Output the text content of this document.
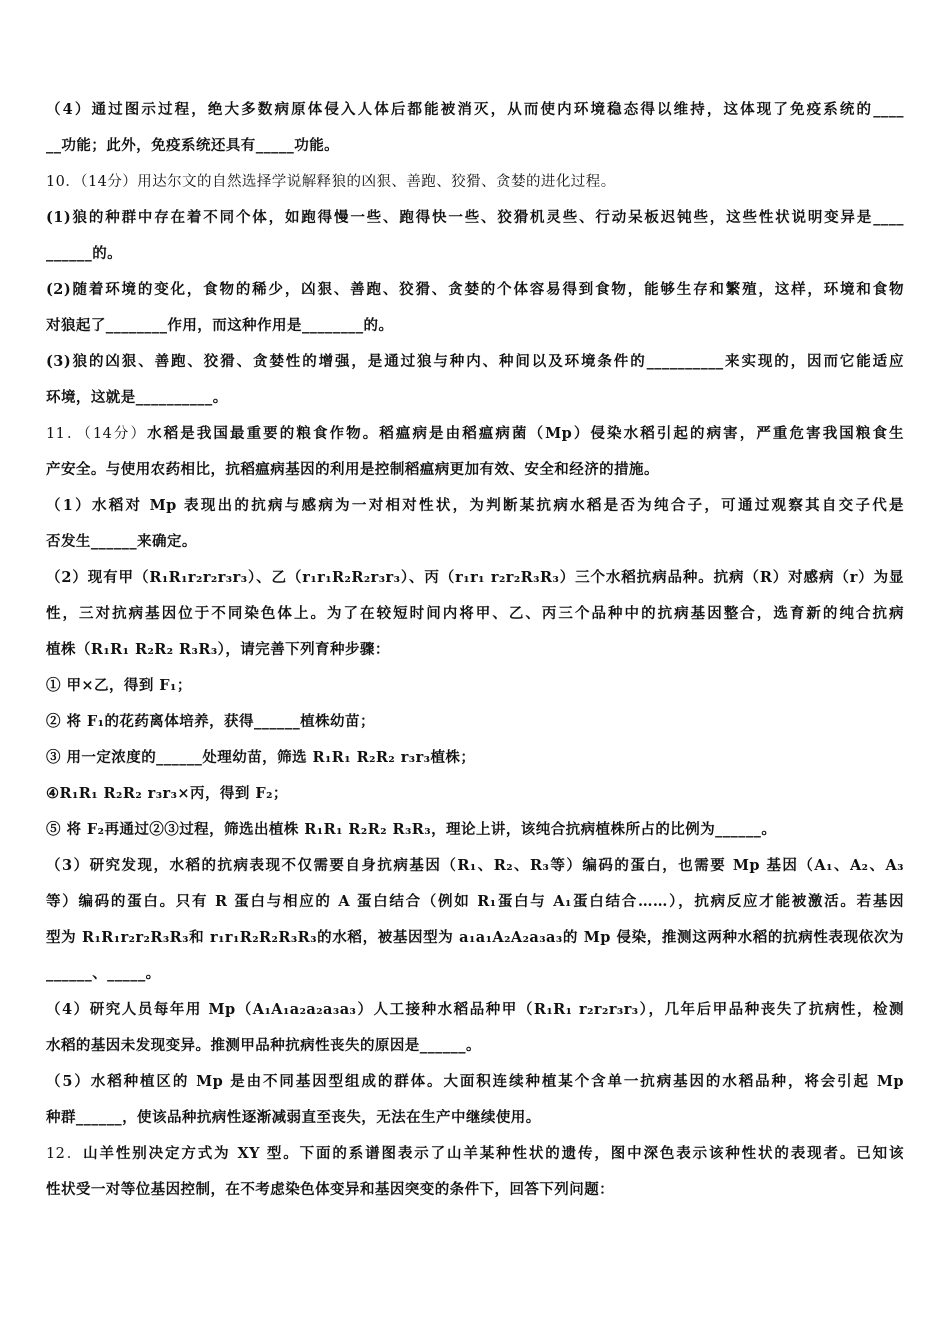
（4）通过图示过程，绝大多数病原体侵入人体后都能被消灭，从而使内环境稳态得以维持，这体现了免疫系统的____
__功能；此外，免疫系统还具有_____功能。
10．（14分）用达尔文的自然选择学说解释狼的凶狠、善跑、狡猾、贪婪的进化过程。
(1)狼的种群中存在着不同个体，如跑得慢一些、跑得快一些、狡猾机灵些、行动呆板迟钝些，这些性状说明变异是____
______的。
(2)随着环境的变化，食物的稀少，凶狠、善跑、狡猾、贪婪的个体容易得到食物，能够生存和繁殖，这样，环境和食物
对狼起了________作用，而这种作用是________的。
(3)狼的凶狠、善跑、狡猾、贪婪性的增强，是通过狼与种内、种间以及环境条件的__________来实现的，因而它能适应
环境，这就是__________。
11．（14分）水稻是我国最重要的粮食作物。稻瘟病是由稻瘟病菌（Mp）侵染水稻引起的病害，严重危害我国粮食生
产安全。与使用农药相比，抗稻瘟病基因的利用是控制稻瘟病更加有效、安全和经济的措施。
（1）水稻对 Mp 表现出的抗病与感病为一对相对性状，为判断某抗病水稻是否为纯合子，可通过观察其自交子代是
否发生______来确定。
（2）现有甲（R₁R₁r₂r₂r₃r₃）、乙（r₁r₁R₂R₂r₃r₃）、丙（r₁r₁ r₂r₂R₃R₃）三个水稻抗病品种。抗病（R）对感病（r）为显
性，三对抗病基因位于不同染色体上。为了在较短时间内将甲、乙、丙三个品种中的抗病基因整合，选育新的纯合抗病
植株（R₁R₁ R₂R₂ R₃R₃），请完善下列育种步骤：
① 甲×乙，得到 F₁；
② 将 F₁的花药离体培养，获得______植株幼苗；
③ 用一定浓度的______处理幼苗，筛选 R₁R₁ R₂R₂ r₃r₃植株；
④R₁R₁ R₂R₂ r₃r₃×丙，得到 F₂；
⑤ 将 F₂再通过②③过程，筛选出植株 R₁R₁ R₂R₂ R₃R₃，理论上讲，该纯合抗病植株所占的比例为______。
（3）研究发现，水稻的抗病表现不仅需要自身抗病基因（R₁、R₂、R₃等）编码的蛋白，也需要 Mp 基因（A₁、A₂、A₃
等）编码的蛋白。只有 R 蛋白与相应的 A 蛋白结合（例如 R₁蛋白与 A₁蛋白结合……），抗病反应才能被激活。若基因
型为 R₁R₁r₂r₂R₃R₃和 r₁r₁R₂R₂R₃R₃的水稻，被基因型为 a₁a₁A₂A₂a₃a₃的 Mp 侵染，推测这两种水稻的抗病性表现依次为
______、_____。
（4）研究人员每年用 Mp（A₁A₁a₂a₂a₃a₃）人工接种水稻品种甲（R₁R₁ r₂r₂r₃r₃），几年后甲品种丧失了抗病性，检测
水稻的基因未发现变异。推测甲品种抗病性丧失的原因是______。
（5）水稻种植区的 Mp 是由不同基因型组成的群体。大面积连续种植某个含单一抗病基因的水稻品种，将会引起 Mp
种群______，使该品种抗病性逐渐减弱直至丧失，无法在生产中继续使用。
12．山羊性别决定方式为 XY 型。下面的系谱图表示了山羊某种性状的遗传，图中深色表示该种性状的表现者。已知该
性状受一对等位基因控制，在不考虑染色体变异和基因突变的条件下，回答下列问题：
